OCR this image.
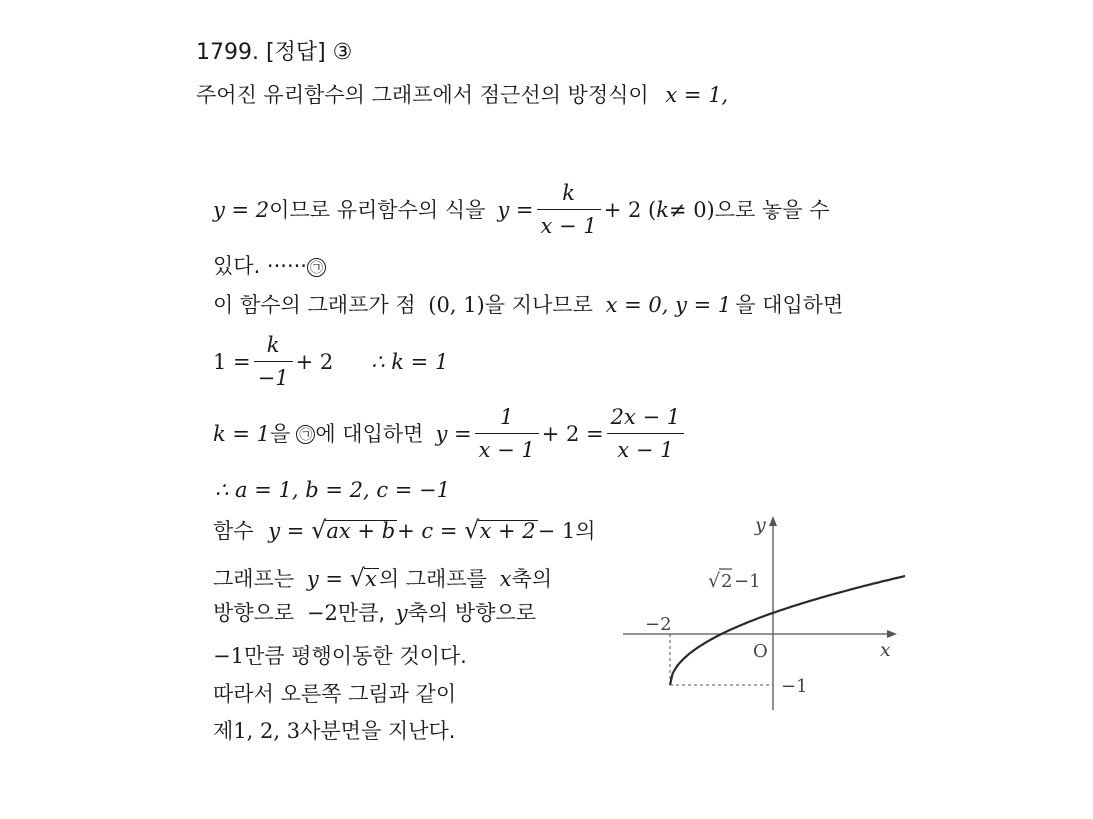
1799. [정답] ③
주어진 유리함수의 그래프에서 점근선의 방정식이 x = 1,
y = 2 이므로 유리함수의 식을 $y = \frac{k}{x - 1} + 2$ ( k ≠ 0) 으로 놓을 수
있다. ······ ㉠
이 함수의 그래프가 점 (0, 1)을 지나므로 x = 0, y = 1 을 대입하면
$1 = \frac{k}{-1} + 2$ ∴ k = 1
k = 1 을 ㉠ 에 대입하면 $y = \frac{1}{x - 1} + 2 = \frac{2x - 1}{x - 1}$
∴ a = 1, b = 2, c = −1
함수 y = √ax + b+ c = √x + 2− 1의
그래프는 y = √x의 그래프를 x축의
방향으로 −2만큼, y축의 방향으로
−1만큼 평행이동한 것이다.
따라서 오른쪽 그림과 같이
제1, 2, 3사분면을 지난다.
y
x
O
−2
−1
√ 2 −1
